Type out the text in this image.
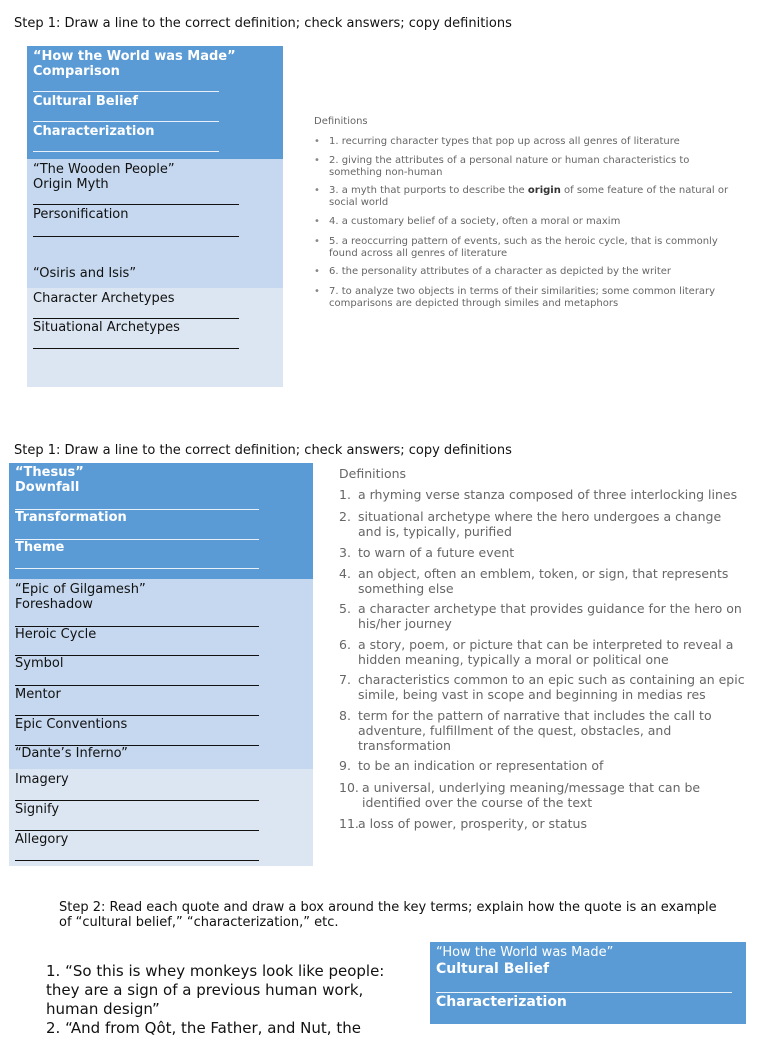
Step 1: Draw a line to the correct definition; check answers; copy definitions
“How the World was Made”
Comparison
Cultural Belief
Characterization
“The Wooden People”
Origin Myth
Personification
“Osiris and Isis”
Character Archetypes
Situational Archetypes
Definitions
• 1. recurring character types that pop up across all genres of literature
• 2. giving the attributes of a personal nature or human characteristics to something non-human
• 3. a myth that purports to describe the origin of some feature of the natural or social world
• 4. a customary belief of a society, often a moral or maxim
• 5. a reoccurring pattern of events, such as the heroic cycle, that is commonly found across all genres of literature
• 6. the personality attributes of a character as depicted by the writer
• 7. to analyze two objects in terms of their similarities; some common literary comparisons are depicted through similes and metaphors
Step 1: Draw a line to the correct definition; check answers; copy definitions
“Thesus”
Downfall
Transformation
Theme
“Epic of Gilgamesh”
Foreshadow
Heroic Cycle
Symbol
Mentor
Epic Conventions
“Dante’s Inferno”
Imagery
Signify
Allegory
Definitions
1. a rhyming verse stanza composed of three interlocking lines
2. situational archetype where the hero undergoes a change and is, typically, purified
3. to warn of a future event
4. an object, often an emblem, token, or sign, that represents something else
5. a character archetype that provides guidance for the hero on his/her journey
6. a story, poem, or picture that can be interpreted to reveal a hidden meaning, typically a moral or political one
7. characteristics common to an epic such as containing an epic simile, being vast in scope and beginning in medias res
8. term for the pattern of narrative that includes the call to adventure, fulfillment of the quest, obstacles, and transformation
9. to be an indication or representation of
10. a universal, underlying meaning/message that can be identified over the course of the text
11. a loss of power, prosperity, or status
Step 2: Read each quote and draw a box around the key terms; explain how the quote is an example of “cultural belief,” “characterization,” etc.
1. “So this is whey monkeys look like people: they are a sign of a previous human work, human design”
2. “And from Qôt, the Father, and Nut, the
“How the World was Made”
Cultural Belief
Characterization
